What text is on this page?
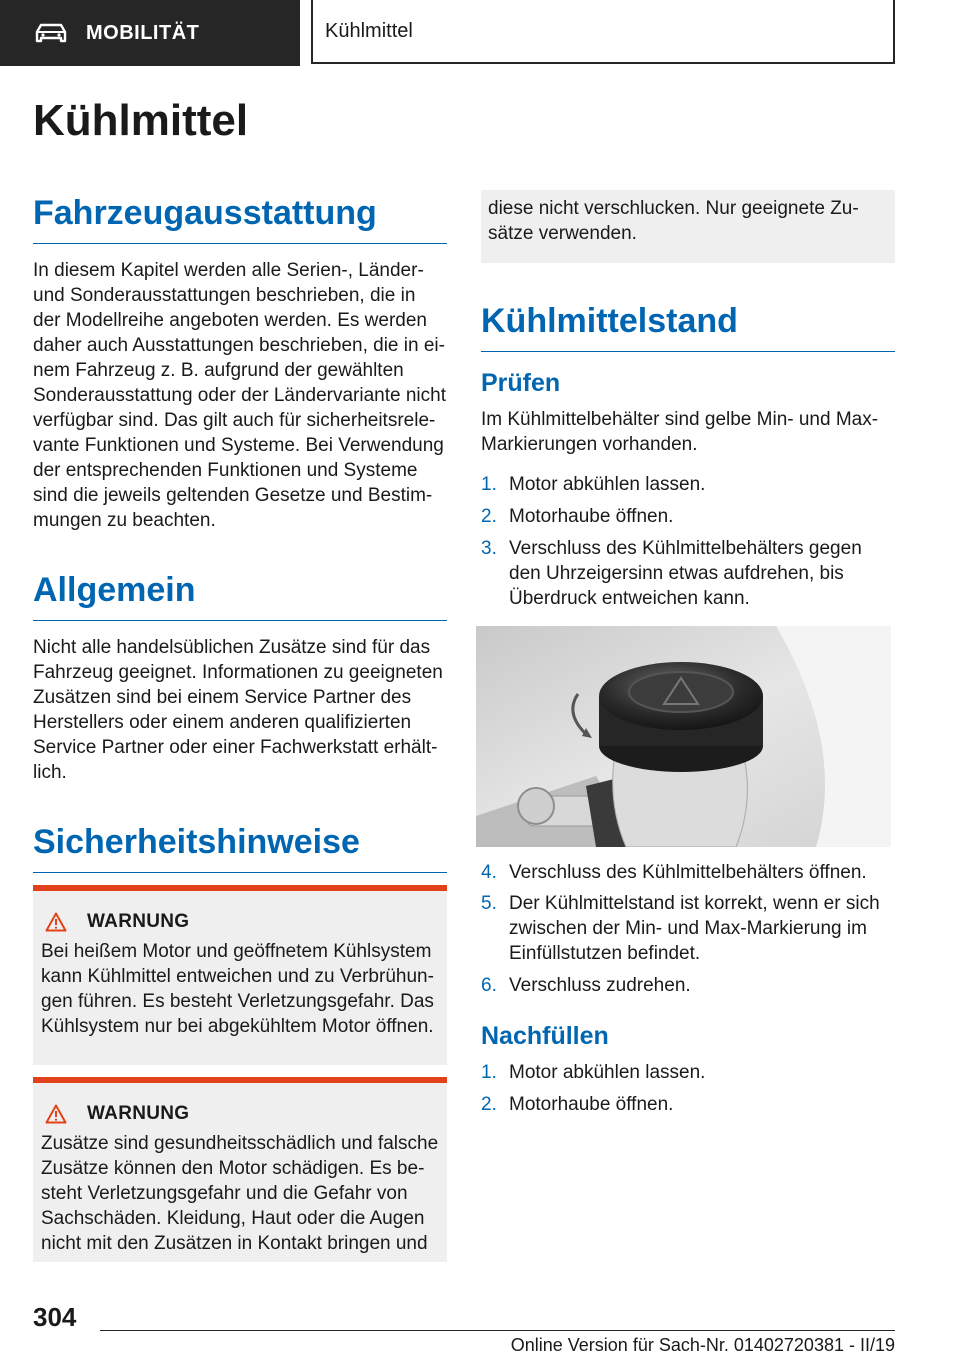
MOBILITÄT	Kühlmittel
Kühlmittel
Fahrzeugausstattung

In diesem Kapitel werden alle Serien-, Länder- und Sonderausstattungen beschrieben, die in der Modellreihe angeboten werden. Es werden daher auch Ausstattungen beschrieben, die in ei- nem Fahrzeug z. B. aufgrund der gewählten Sonderausstattung oder der Ländervariante nicht verfügbar sind. Das gilt auch für sicherheitsrele- vante Funktionen und Systeme. Bei Verwendung der entsprechenden Funktionen und Systeme sind die jeweils geltenden Gesetze und Bestim- mungen zu beachten.

Allgemein

Nicht alle handelsüblichen Zusätze sind für das Fahrzeug geeignet. Informationen zu geeigneten Zusätzen sind bei einem Service Partner des Herstellers oder einem anderen qualifizierten Service Partner oder einer Fachwerkstatt erhält- lich.

Sicherheitshinweise
WARNUNG
Bei heißem Motor und geöffnetem Kühlsystem kann Kühlmittel entweichen und zu Verbrühun- gen führen. Es besteht Verletzungsgefahr. Das Kühlsystem nur bei abgekühltem Motor öffnen.
WARNUNG
Zusätze sind gesundheitsschädlich und falsche Zusätze können den Motor schädigen. Es be- steht Verletzungsgefahr und die Gefahr von Sachschäden. Kleidung, Haut oder die Augen nicht mit den Zusätzen in Kontakt bringen und
diese nicht verschlucken. Nur geeignete Zu- sätze verwenden.
Kühlmittelstand
Prüfen

Im Kühlmittelbehälter sind gelbe Min- und Max- Markierungen vorhanden.

1. Motor abkühlen lassen.
2. Motorhaube öffnen.
3. Verschluss des Kühlmittelbehälters gegen den Uhrzeigersinn etwas aufdrehen, bis Überdruck entweichen kann.
4. Verschluss des Kühlmittelbehälters öffnen.
5. Der Kühlmittelstand ist korrekt, wenn er sich zwischen der Min- und Max-Markierung im Einfüllstutzen befindet.
6. Verschluss zudrehen.
Nachfüllen
1. Motor abkühlen lassen.
2. Motorhaube öffnen.
304
Online Version für Sach-Nr. 01402720381 - II/19
